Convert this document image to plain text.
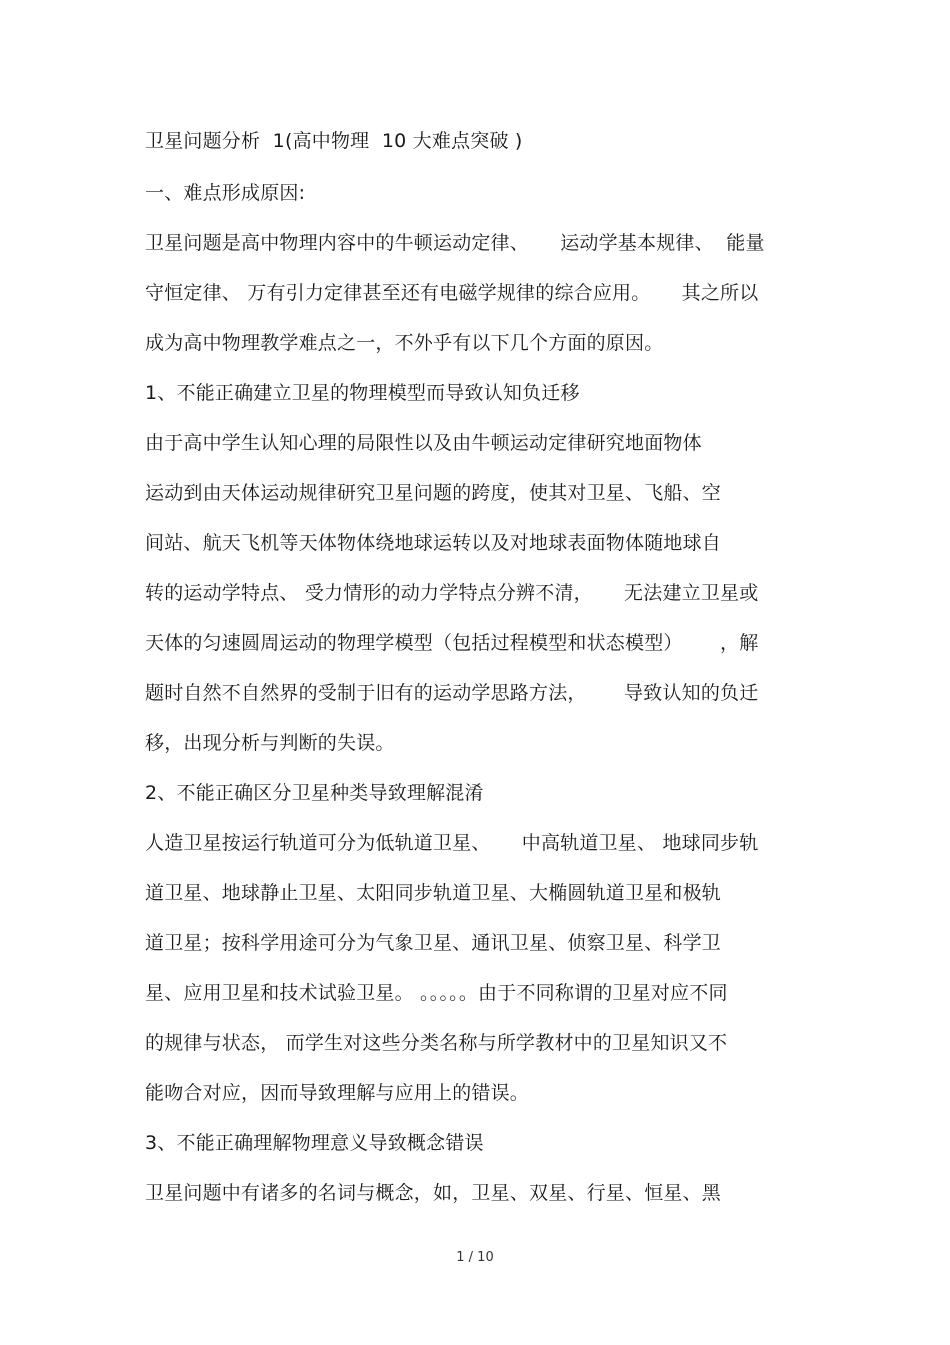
卫星问题分析  1(高中物理  10 大难点突破 )
一、难点形成原因:
卫星问题是高中物理内容中的牛顿运动定律、     运动学基本规律、  能量
守恒定律、 万有引力定律甚至还有电磁学规律的综合应用。     其之所以
成为高中物理教学难点之一，不外乎有以下几个方面的原因。
1、不能正确建立卫星的物理模型而导致认知负迁移
由于高中学生认知心理的局限性以及由牛顿运动定律研究地面物体
运动到由天体运动规律研究卫星问题的跨度，使其对卫星、飞船、空
间站、航天飞机等天体物体绕地球运转以及对地球表面物体随地球自
转的运动学特点、 受力情形的动力学特点分辨不清，     无法建立卫星或
天体的匀速圆周运动的物理学模型（包括过程模型和状态模型）      ，解
题时自然不自然界的受制于旧有的运动学思路方法，      导致认知的负迁
移，出现分析与判断的失误。
2、不能正确区分卫星种类导致理解混淆
人造卫星按运行轨道可分为低轨道卫星、     中高轨道卫星、 地球同步轨
道卫星、地球静止卫星、太阳同步轨道卫星、大椭圆轨道卫星和极轨
道卫星；按科学用途可分为气象卫星、通讯卫星、侦察卫星、科学卫
星、应用卫星和技术试验卫星。 。。。。。由于不同称谓的卫星对应不同
的规律与状态， 而学生对这些分类名称与所学教材中的卫星知识又不
能吻合对应，因而导致理解与应用上的错误。
3、不能正确理解物理意义导致概念错误
卫星问题中有诸多的名词与概念，如，卫星、双星、行星、恒星、黑
1 / 10
